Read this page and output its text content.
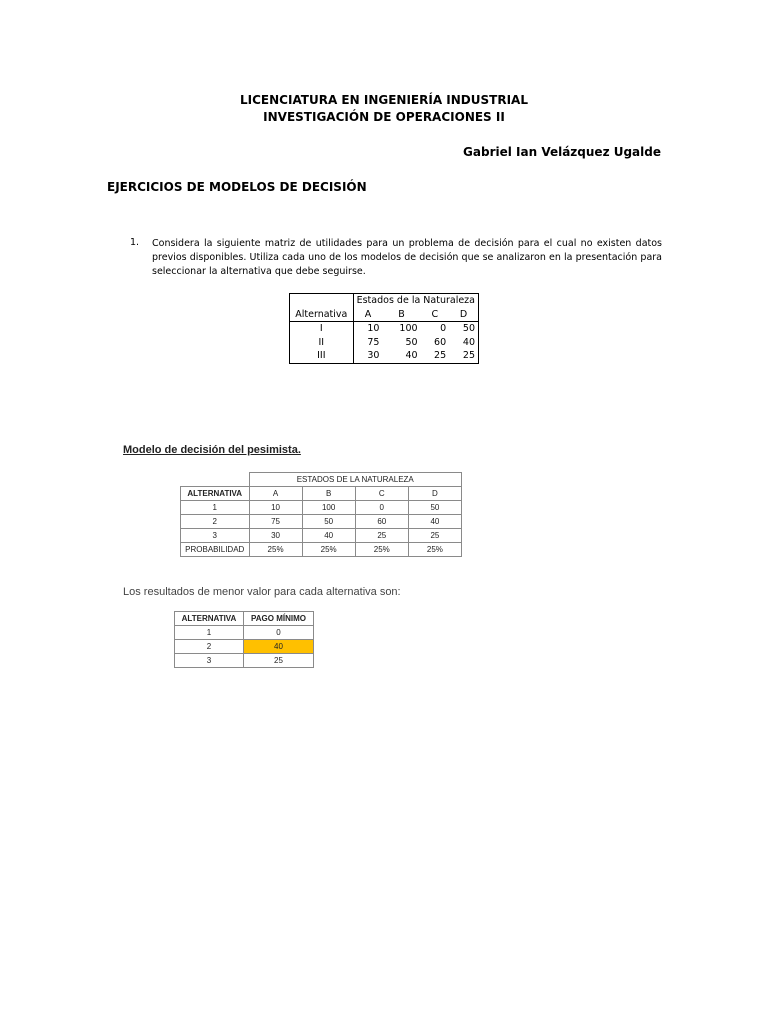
LICENCIATURA EN INGENIERÍA INDUSTRIAL
INVESTIGACIÓN DE OPERACIONES II
Gabriel Ian Velázquez Ugalde
EJERCICIOS DE MODELOS DE DECISIÓN
1. Considera la siguiente matriz de utilidades para un problema de decisión para el cual no existen datos previos disponibles. Utiliza cada uno de los modelos de decisión que se analizaron en la presentación para seleccionar la alternativa que debe seguirse.
	Estados de la Naturaleza			
Alternativa	A	B	C	D
I	10	100	0	50
II	75	50	60	40
III	30	40	25	25
Modelo de decisión del pesimista.
	ESTADOS DE LA NATURALEZA			
ALTERNATIVA	A	B	C	D
1	10	100	0	50
2	75	50	60	40
3	30	40	25	25
PROBABILIDAD	25%	25%	25%	25%
Los resultados de menor valor para cada alternativa son:
ALTERNATIVA	PAGO MÍNIMO
1	0
2	40
3	25
